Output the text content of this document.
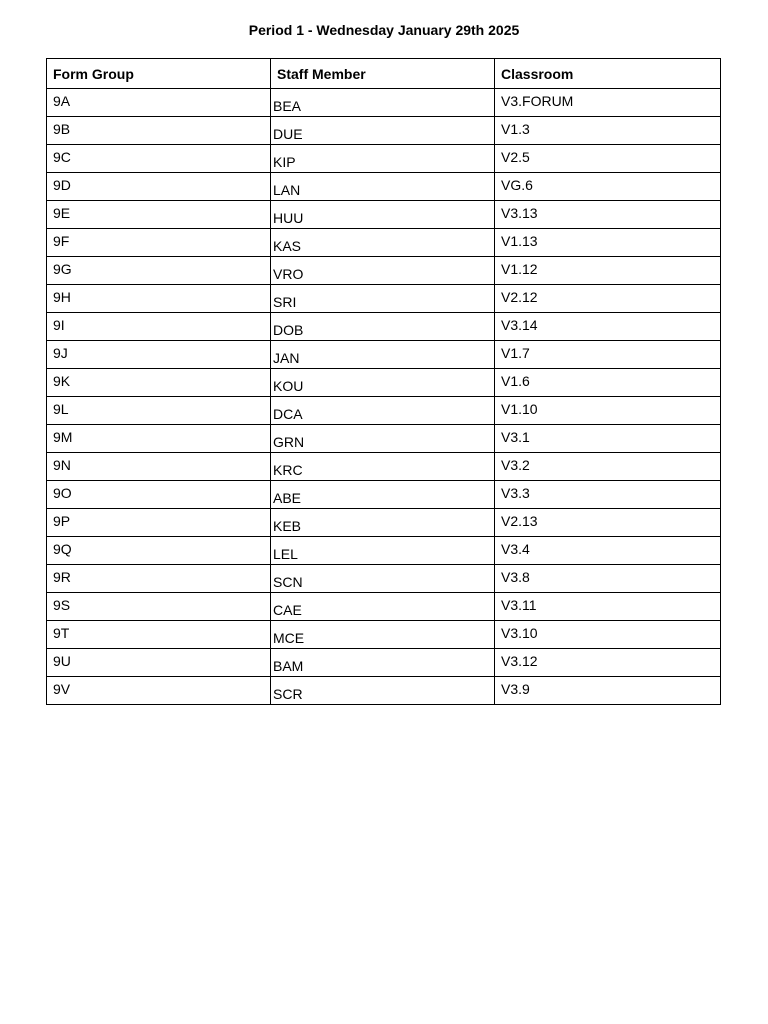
Period 1 - Wednesday January 29th 2025
Form Group	Staff Member	Classroom
9A	BEA	V3.FORUM
9B	DUE	V1.3
9C	KIP	V2.5
9D	LAN	VG.6
9E	HUU	V3.13
9F	KAS	V1.13
9G	VRO	V1.12
9H	SRI	V2.12
9I	DOB	V3.14
9J	JAN	V1.7
9K	KOU	V1.6
9L	DCA	V1.10
9M	GRN	V3.1
9N	KRC	V3.2
9O	ABE	V3.3
9P	KEB	V2.13
9Q	LEL	V3.4
9R	SCN	V3.8
9S	CAE	V3.11
9T	MCE	V3.10
9U	BAM	V3.12
9V	SCR	V3.9
